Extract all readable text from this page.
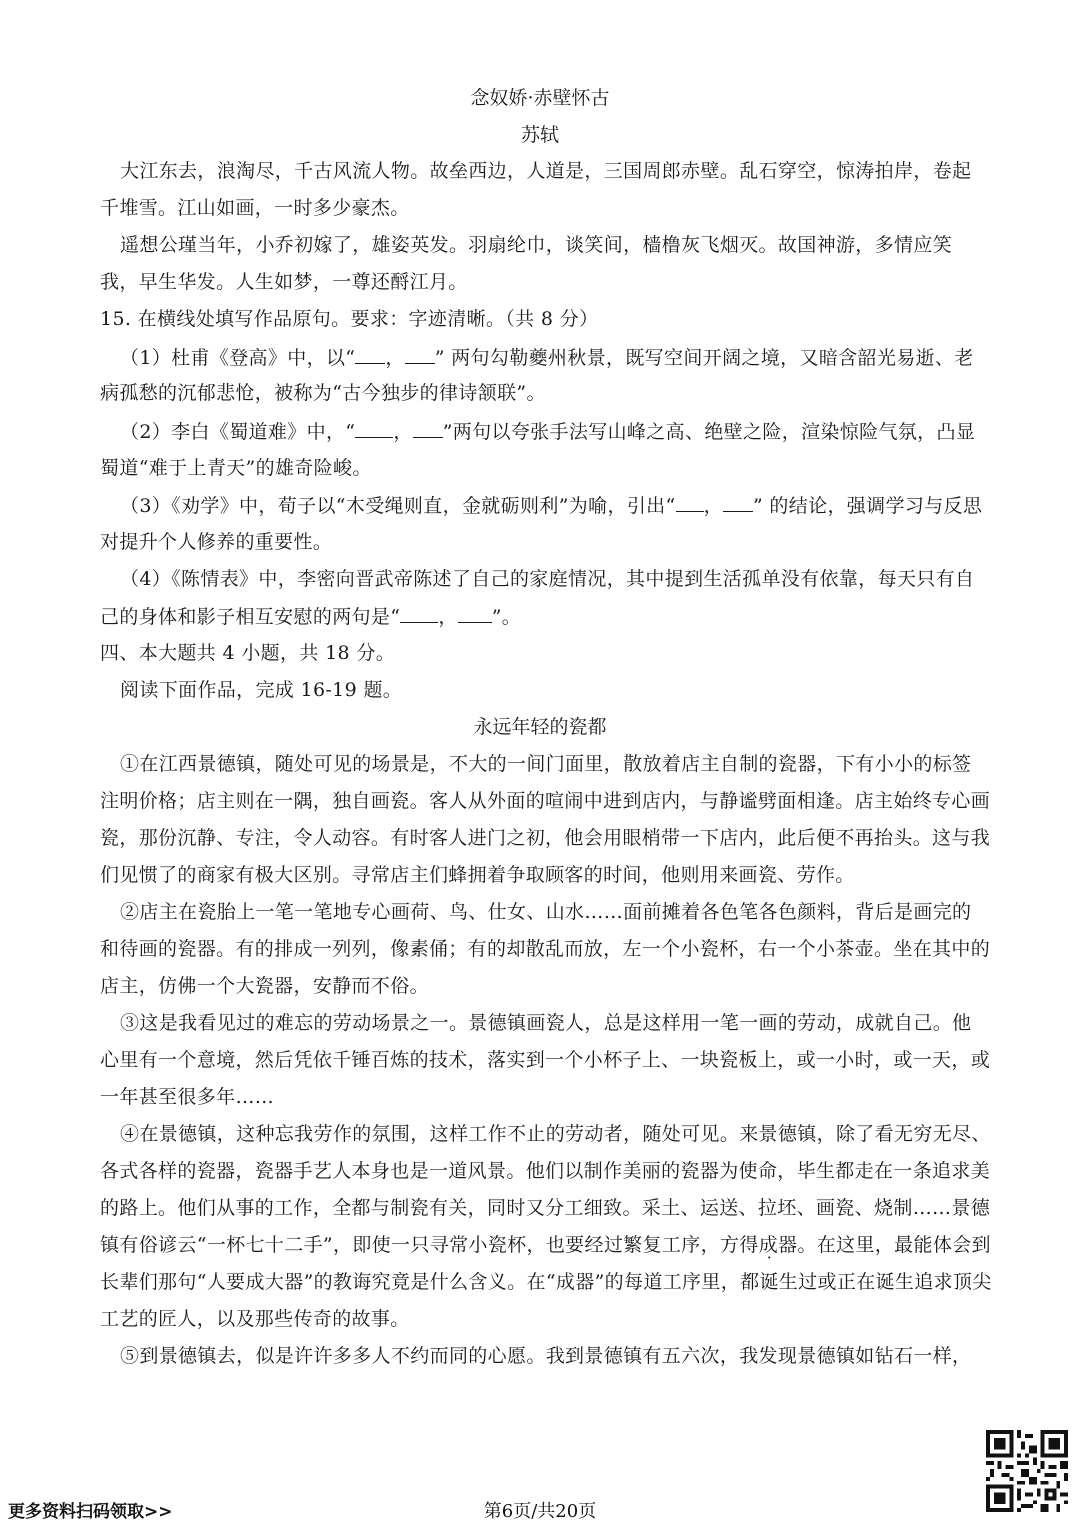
念奴娇·赤壁怀古
苏轼
大江东去，浪淘尽，千古风流人物。故垒西边，人道是，三国周郎赤壁。乱石穿空，惊涛拍岸，卷起
千堆雪。江山如画，一时多少豪杰。
遥想公瑾当年，小乔初嫁了，雄姿英发。羽扇纶巾，谈笑间，樯橹灰飞烟灭。故国神游，多情应笑
我，早生华发。人生如梦，一尊还酹江月。
15. 在横线处填写作品原句。要求：字迹清晰。（共 8 分）
（1）杜甫《登高》中，以“ ， ” 两句勾勒夔州秋景，既写空间开阔之境，又暗含韶光易逝、老
病孤愁的沉郁悲怆，被称为“古今独步的律诗颔联”。
（2）李白《蜀道难》中，“ ， ”两句以夸张手法写山峰之高、绝壁之险，渲染惊险气氛，凸显
蜀道“难于上青天”的雄奇险峻。
（3）《劝学》中，荀子以“木受绳则直，金就砺则利”为喻，引出“ ， ” 的结论，强调学习与反思
对提升个人修养的重要性。
（4）《陈情表》中，李密向晋武帝陈述了自己的家庭情况，其中提到生活孤单没有依靠，每天只有自
己的身体和影子相互安慰的两句是“ ， ”。
四、本大题共 4 小题，共 18 分。
阅读下面作品，完成 16-19 题。
永远年轻的瓷都
①在江西景德镇，随处可见的场景是，不大的一间门面里，散放着店主自制的瓷器，下有小小的标签
注明价格；店主则在一隅，独自画瓷。客人从外面的喧闹中进到店内，与静谧劈面相逢。店主始终专心画
瓷，那份沉静、专注，令人动容。有时客人进门之初，他会用眼梢带一下店内，此后便不再抬头。这与我
们见惯了的商家有极大区别。寻常店主们蜂拥着争取顾客的时间，他则用来画瓷、劳作。
②店主在瓷胎上一笔一笔地专心画荷、鸟、仕女、山水……面前摊着各色笔各色颜料，背后是画完的
和待画的瓷器。有的排成一列列，像素俑；有的却散乱而放，左一个小瓷杯，右一个小茶壶。坐在其中的
店主，仿佛一个大瓷器，安静而不俗。
③这是我看见过的难忘的劳动场景之一。景德镇画瓷人，总是这样用一笔一画的劳动，成就自己。他
心里有一个意境，然后凭依千锤百炼的技术，落实到一个小杯子上、一块瓷板上，或一小时，或一天，或
一年甚至很多年……
④在景德镇，这种忘我劳作的氛围，这样工作不止的劳动者，随处可见。来景德镇，除了看无穷无尽、
各式各样的瓷器，瓷器手艺人本身也是一道风景。他们以制作美丽的瓷器为使命，毕生都走在一条追求美
的路上。他们从事的工作，全都与制瓷有关，同时又分工细致。采土、运送、拉坯、画瓷、烧制……景德
镇有俗谚云“一杯七十二手”，即使一只寻常小瓷杯，也要经过繁复工序，方得成器。在这里，最能体会到
长辈们那句“人要成大器”的教诲究竟是什么含义。在“成器”的每道工序里，都诞生过或正在诞生追求顶尖
工艺的匠人，以及那些传奇的故事。
⑤到景德镇去，似是许许多多人不约而同的心愿。我到景德镇有五六次，我发现景德镇如钻石一样，
更多资料扫码领取>>	第6页/共20页
